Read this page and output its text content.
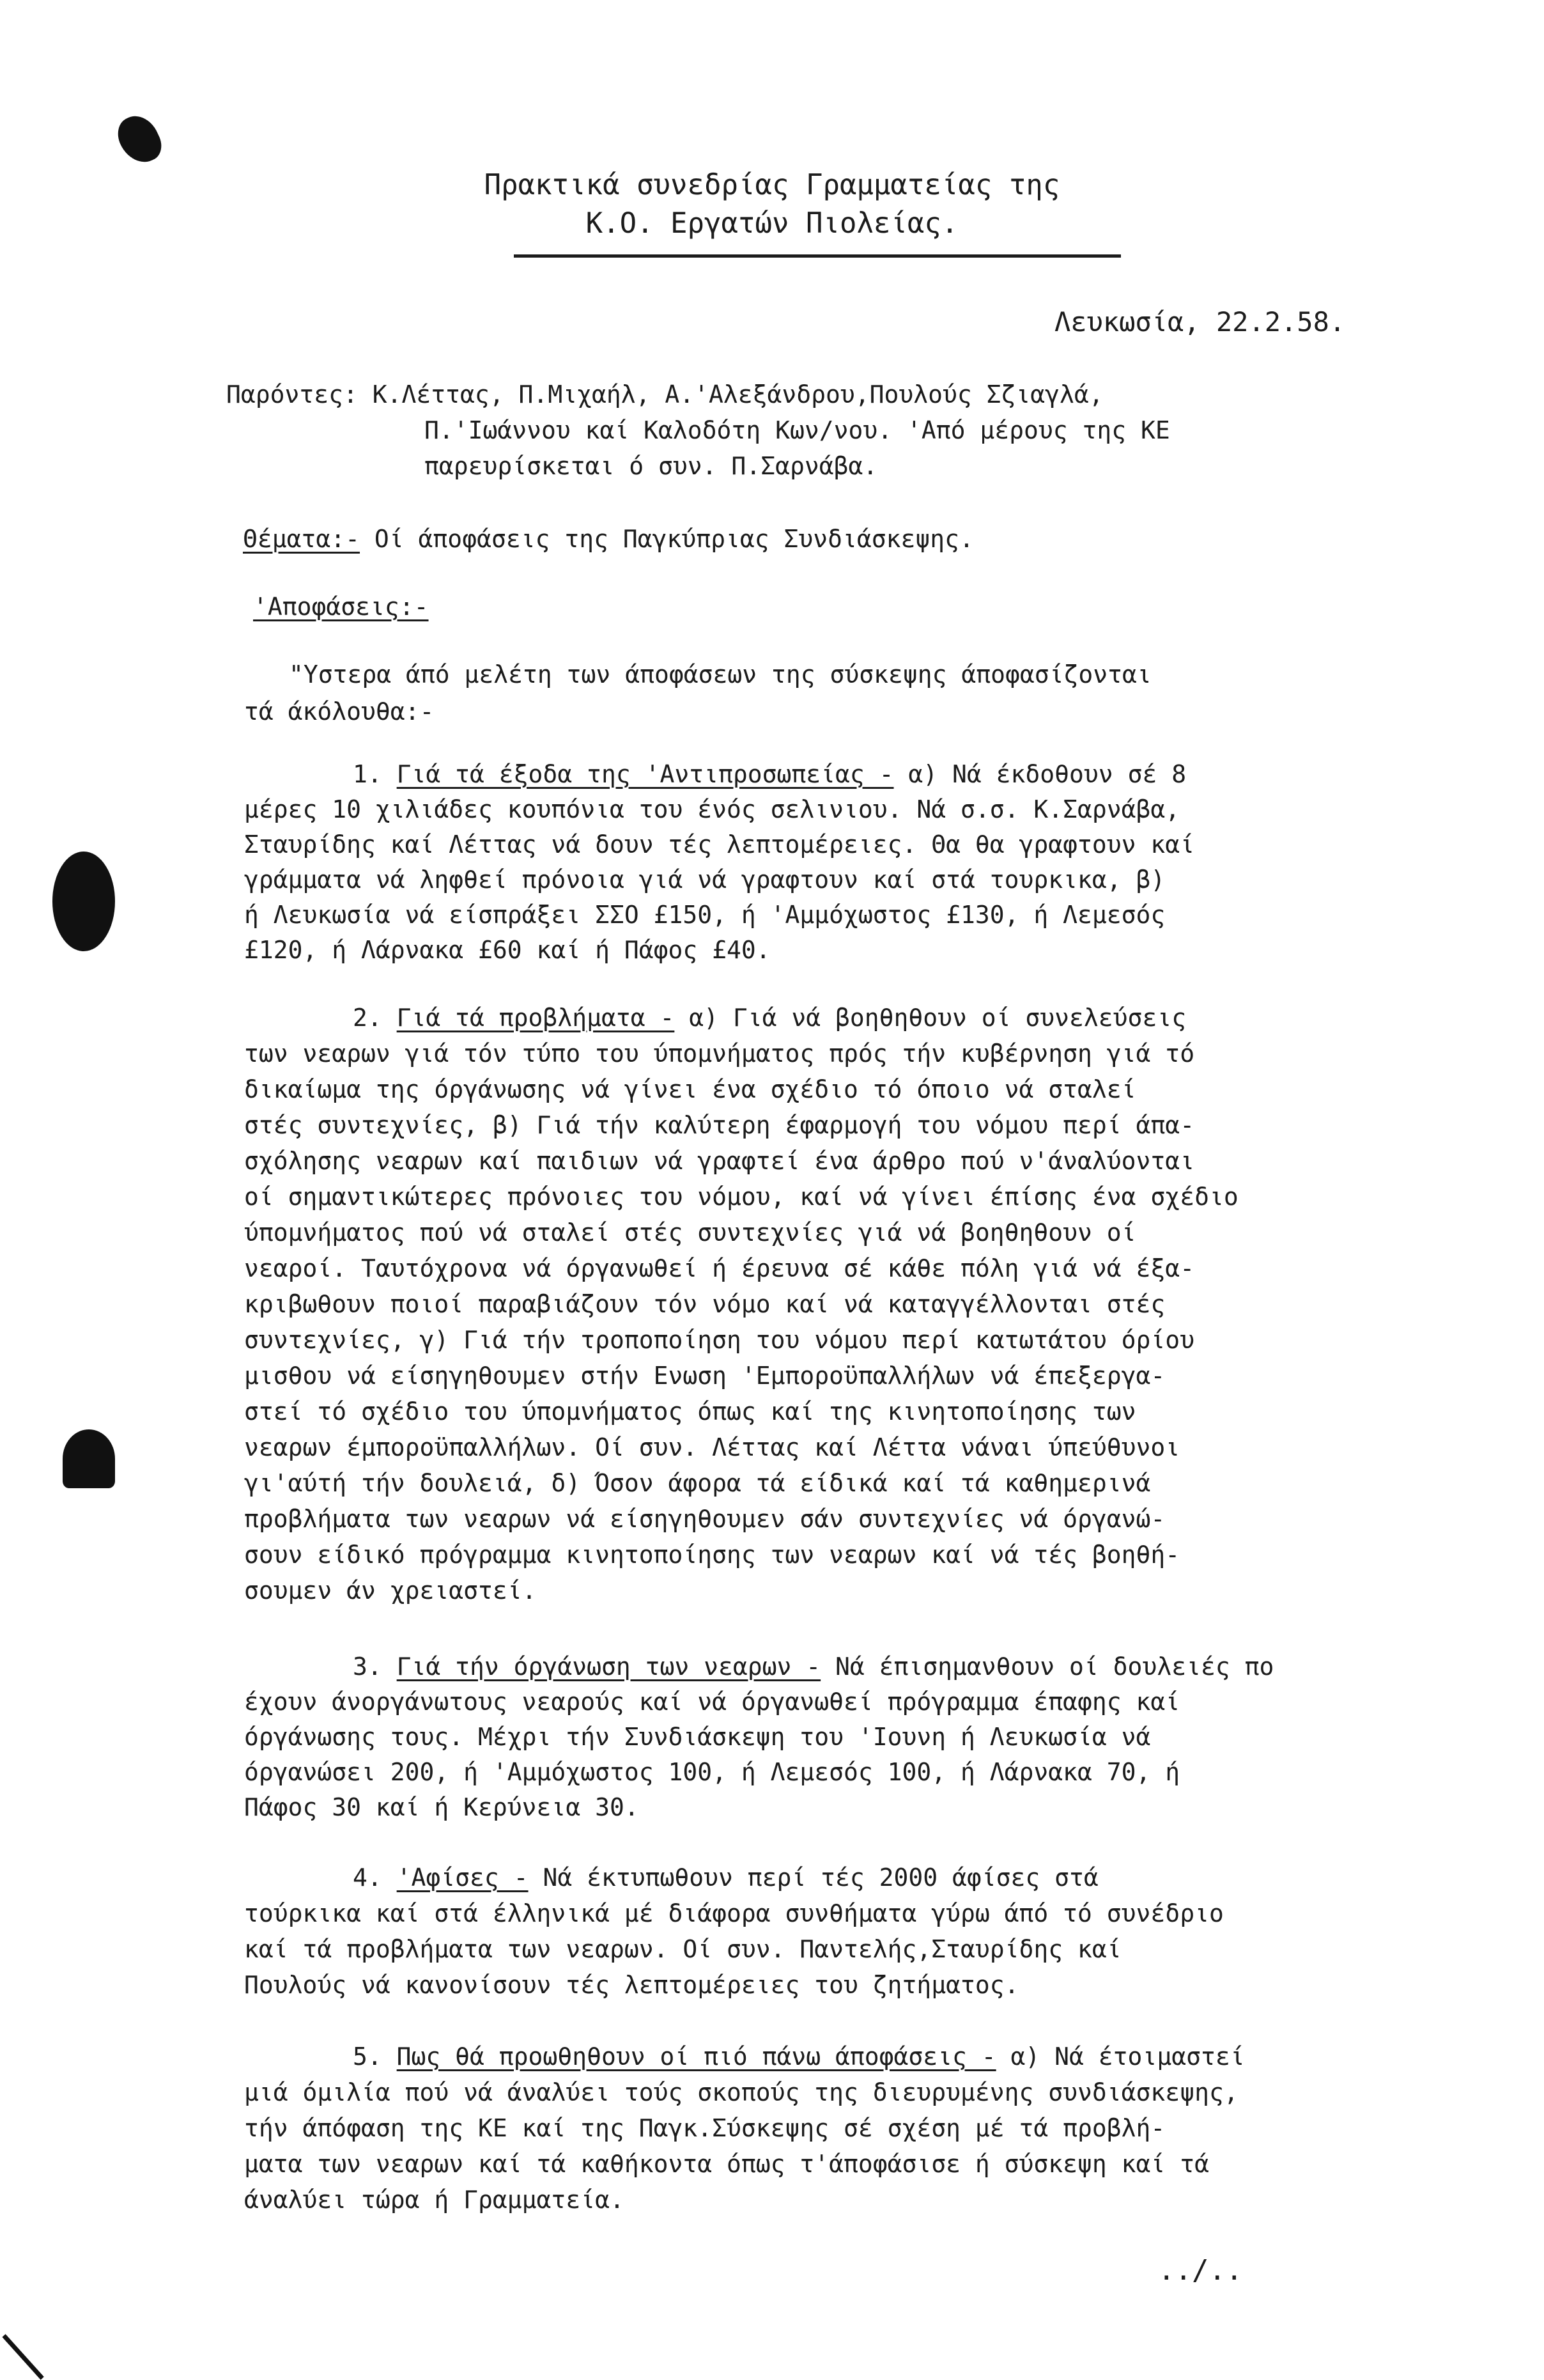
Πρακτικά συνεδρίας Γραμματείας της
Κ.Ο. Εργατών Πιολείας.
Λευκωσία, 22.2.58.
Παρόντες: Κ.Λέττας, Π.Μιχαήλ, Α.'Αλεξάνδρου,Πουλούς Σζιαγλά,
Π.'Ιωάννου καί Καλοδότη Κων/νου. 'Από μέρους της ΚΕ
παρευρίσκεται ό συν. Π.Σαρνάβα.
Θέματα:- Οί άποφάσεις της Παγκύπριας Συνδιάσκεψης.
'Αποφάσεις:-
"Υστερα άπό μελέτη των άποφάσεων της σύσκεψης άποφασίζονται
τά άκόλουθα:-
1. Γιά τά έξοδα της 'Αντιπροσωπείας - α) Νά έκδοθουν σέ 8
μέρες 10 χιλιάδες κουπόνια του ένός σελινιου. Νά σ.σ. Κ.Σαρνάβα,
Σταυρίδης καί Λέττας νά δουν τές λεπτομέρειες. Θα θα γραφτουν καί
γράμματα νά ληφθεί πρόνοια γιά νά γραφτουν καί στά τουρκικα, β)
ή Λευκωσία νά είσπράξει ΣΣΟ £150, ή 'Αμμόχωστος £130, ή Λεμεσός
£120, ή Λάρνακα £60 καί ή Πάφος £40.
2. Γιά τά προβλήματα - α) Γιά νά βοηθηθουν οί συνελεύσεις
των νεαρων γιά τόν τύπο του ύπομνήματος πρός τήν κυβέρνηση γιά τό
δικαίωμα της όργάνωσης νά γίνει ένα σχέδιο τό όποιο νά σταλεί
στές συντεχνίες, β) Γιά τήν καλύτερη έφαρμογή του νόμου περί άπα-
σχόλησης νεαρων καί παιδιων νά γραφτεί ένα άρθρο πού ν'άναλύονται
οί σημαντικώτερες πρόνοιες του νόμου, καί νά γίνει έπίσης ένα σχέδιο
ύπομνήματος πού νά σταλεί στές συντεχνίες γιά νά βοηθηθουν οί
νεαροί. Ταυτόχρονα νά όργανωθεί ή έρευνα σέ κάθε πόλη γιά νά έξα-
κριβωθουν ποιοί παραβιάζουν τόν νόμο καί νά καταγγέλλονται στές
συντεχνίες, γ) Γιά τήν τροποποίηση του νόμου περί κατωτάτου όρίου
μισθου νά είσηγηθουμεν στήν Ενωση 'Εμποροϋπαλλήλων νά έπεξεργα-
στεί τό σχέδιο του ύπομνήματος όπως καί της κινητοποίησης των
νεαρων έμποροϋπαλλήλων. Οί συν. Λέττας καί Λέττα νάναι ύπεύθυνοι
γι'αύτή τήν δουλειά, δ) Όσον άφορα τά είδικά καί τά καθημερινά
προβλήματα των νεαρων νά είσηγηθουμεν σάν συντεχνίες νά όργανώ-
σουν είδικό πρόγραμμα κινητοποίησης των νεαρων καί νά τές βοηθή-
σουμεν άν χρειαστεί.
3. Γιά τήν όργάνωση των νεαρων - Νά έπισημανθουν οί δουλειές πο
έχουν άνοργάνωτους νεαρούς καί νά όργανωθεί πρόγραμμα έπαφης καί
όργάνωσης τους. Μέχρι τήν Συνδιάσκεψη του 'Ιουνη ή Λευκωσία νά
όργανώσει 200, ή 'Αμμόχωστος 100, ή Λεμεσός 100, ή Λάρνακα 70, ή
Πάφος 30 καί ή Κερύνεια 30.
4. 'Αφίσες - Νά έκτυπωθουν περί τές 2000 άφίσες στά
τούρκικα καί στά έλληνικά μέ διάφορα συνθήματα γύρω άπό τό συνέδριο
καί τά προβλήματα των νεαρων. Οί συν. Παντελής,Σταυρίδης καί
Πουλούς νά κανονίσουν τές λεπτομέρειες του ζητήματος.
5. Πως θά προωθηθουν οί πιό πάνω άποφάσεις - α) Νά έτοιμαστεί
μιά όμιλία πού νά άναλύει τούς σκοπούς της διευρυμένης συνδιάσκεψης,
τήν άπόφαση της ΚΕ καί της Παγκ.Σύσκεψης σέ σχέση μέ τά προβλή-
ματα των νεαρων καί τά καθήκοντα όπως τ'άποφάσισε ή σύσκεψη καί τά
άναλύει τώρα ή Γραμματεία.
../..
